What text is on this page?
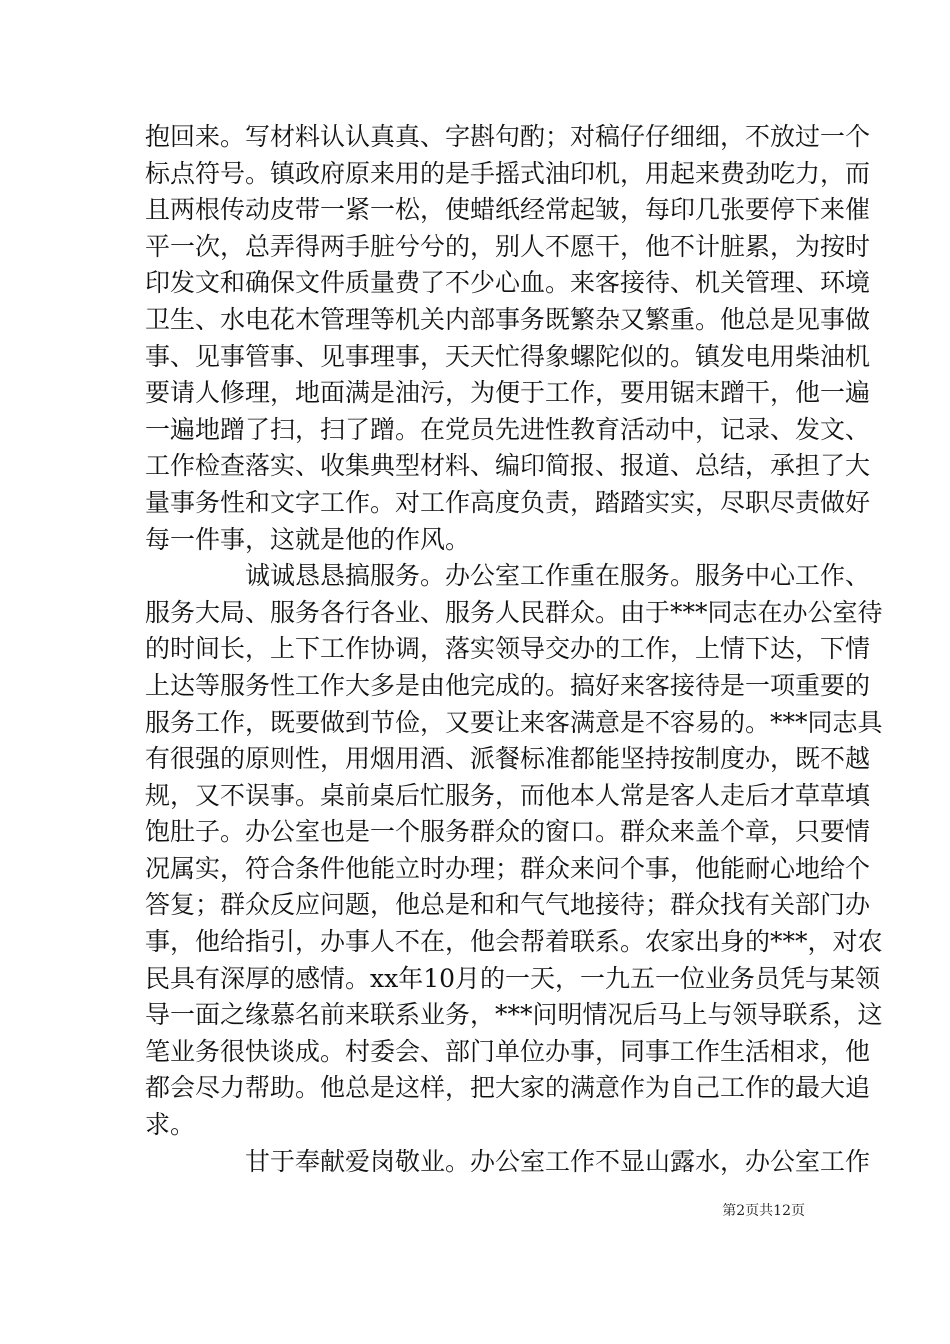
抱回来。写材料认认真真、字斟句酌；对稿仔仔细细，不放过一个
标点符号。镇政府原来用的是手摇式油印机，用起来费劲吃力，而
且两根传动皮带一紧一松，使蜡纸经常起皱，每印几张要停下来催
平一次，总弄得两手脏兮兮的，别人不愿干，他不计脏累，为按时
印发文和确保文件质量费了不少心血。来客接待、机关管理、环境
卫生、水电花木管理等机关内部事务既繁杂又繁重。他总是见事做
事、见事管事、见事理事，天天忙得象螺陀似的。镇发电用柴油机
要请人修理，地面满是油污，为便于工作，要用锯末蹭干，他一遍
一遍地蹭了扫，扫了蹭。在党员先进性教育活动中，记录、发文、
工作检查落实、收集典型材料、编印简报、报道、总结，承担了大
量事务性和文字工作。对工作高度负责，踏踏实实，尽职尽责做好
每一件事，这就是他的作风。
诚诚恳恳搞服务。办公室工作重在服务。服务中心工作、
服务大局、服务各行各业、服务人民群众。由于***同志在办公室待
的时间长，上下工作协调，落实领导交办的工作，上情下达，下情
上达等服务性工作大多是由他完成的。搞好来客接待是一项重要的
服务工作，既要做到节俭，又要让来客满意是不容易的。***同志具
有很强的原则性，用烟用酒、派餐标准都能坚持按制度办，既不越
规，又不误事。桌前桌后忙服务，而他本人常是客人走后才草草填
饱肚子。办公室也是一个服务群众的窗口。群众来盖个章，只要情
况属实，符合条件他能立时办理；群众来问个事，他能耐心地给个
答复；群众反应问题，他总是和和气气地接待；群众找有关部门办
事，他给指引，办事人不在，他会帮着联系。农家出身的***，对农
民具有深厚的感情。xx年10月的一天，一九五一位业务员凭与某领
导一面之缘慕名前来联系业务，***问明情况后马上与领导联系，这
笔业务很快谈成。村委会、部门单位办事，同事工作生活相求，他
都会尽力帮助。他总是这样，把大家的满意作为自己工作的最大追
求。
甘于奉献爱岗敬业。办公室工作不显山露水，办公室工作
第2页共12页
